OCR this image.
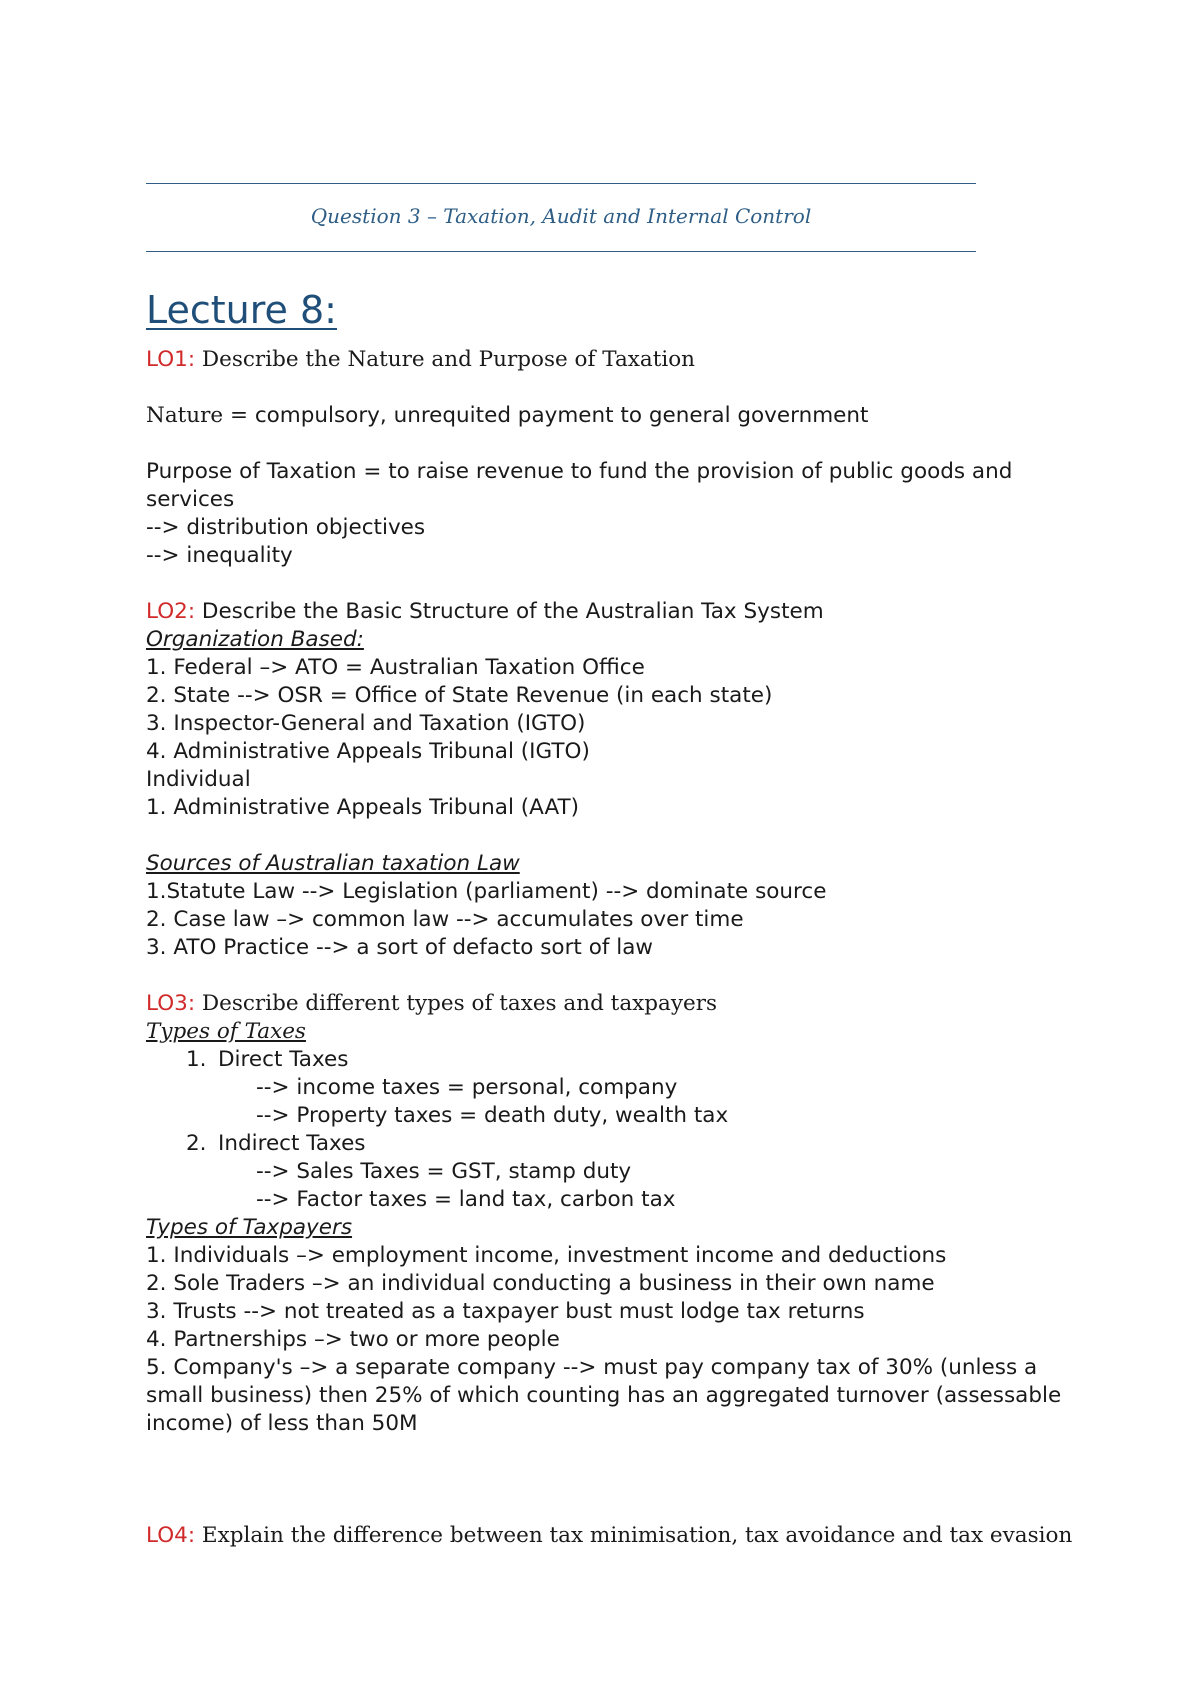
Question 3 – Taxation, Audit and Internal Control
Lecture 8:
LO1: Describe the Nature and Purpose of Taxation
Nature = compulsory, unrequited payment to general government
Purpose of Taxation = to raise revenue to fund the provision of public goods and services
--> distribution objectives
--> inequality
LO2: Describe the Basic Structure of the Australian Tax System
Organization Based:
1. Federal –> ATO = Australian Taxation Office
2. State --> OSR = Office of State Revenue (in each state)
3. Inspector-General and Taxation (IGTO)
4. Administrative Appeals Tribunal (IGTO)
Individual
1. Administrative Appeals Tribunal (AAT)
Sources of Australian taxation Law
1.Statute Law --> Legislation (parliament) --> dominate source
2. Case law –> common law --> accumulates over time
3. ATO Practice --> a sort of defacto sort of law
LO3: Describe different types of taxes and taxpayers
Types of Taxes
1. Direct Taxes
--> income taxes = personal, company
--> Property taxes = death duty, wealth tax
2. Indirect Taxes
--> Sales Taxes = GST, stamp duty
--> Factor taxes = land tax, carbon tax
Types of Taxpayers
1. Individuals –> employment income, investment income and deductions
2. Sole Traders –> an individual conducting a business in their own name
3. Trusts --> not treated as a taxpayer bust must lodge tax returns
4. Partnerships –> two or more people
5. Company's –> a separate company --> must pay company tax of 30% (unless a small business) then 25% of which counting has an aggregated turnover (assessable income) of less than 50M
LO4: Explain the difference between tax minimisation, tax avoidance and tax evasion
